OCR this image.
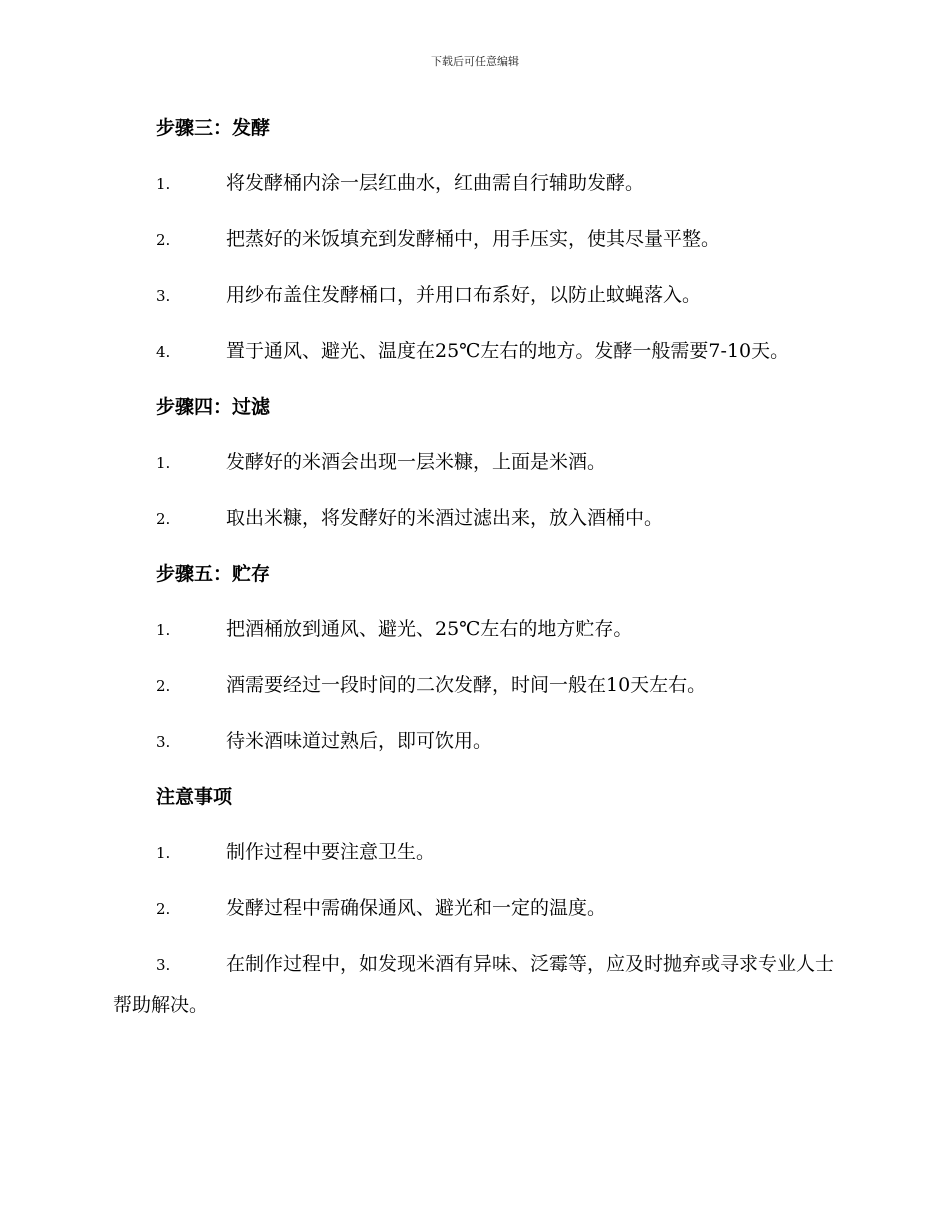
下载后可任意编辑
步骤三：发酵
1.	将发酵桶内涂一层红曲水，红曲需自行辅助发酵。
2.	把蒸好的米饭填充到发酵桶中，用手压实，使其尽量平整。
3.	用纱布盖住发酵桶口，并用口布系好，以防止蚊蝇落入。
4.	置于通风、避光、温度在25℃左右的地方。发酵一般需要7-10天。
步骤四：过滤
1.	发酵好的米酒会出现一层米糠，上面是米酒。
2.	取出米糠，将发酵好的米酒过滤出来，放入酒桶中。
步骤五：贮存
1.	把酒桶放到通风、避光、25℃左右的地方贮存。
2.	酒需要经过一段时间的二次发酵，时间一般在10天左右。
3.	待米酒味道过熟后，即可饮用。
注意事项
1.	制作过程中要注意卫生。
2.	发酵过程中需确保通风、避光和一定的温度。
3.	在制作过程中，如发现米酒有异味、泛霉等，应及时抛弃或寻求专业人士帮助解决。
